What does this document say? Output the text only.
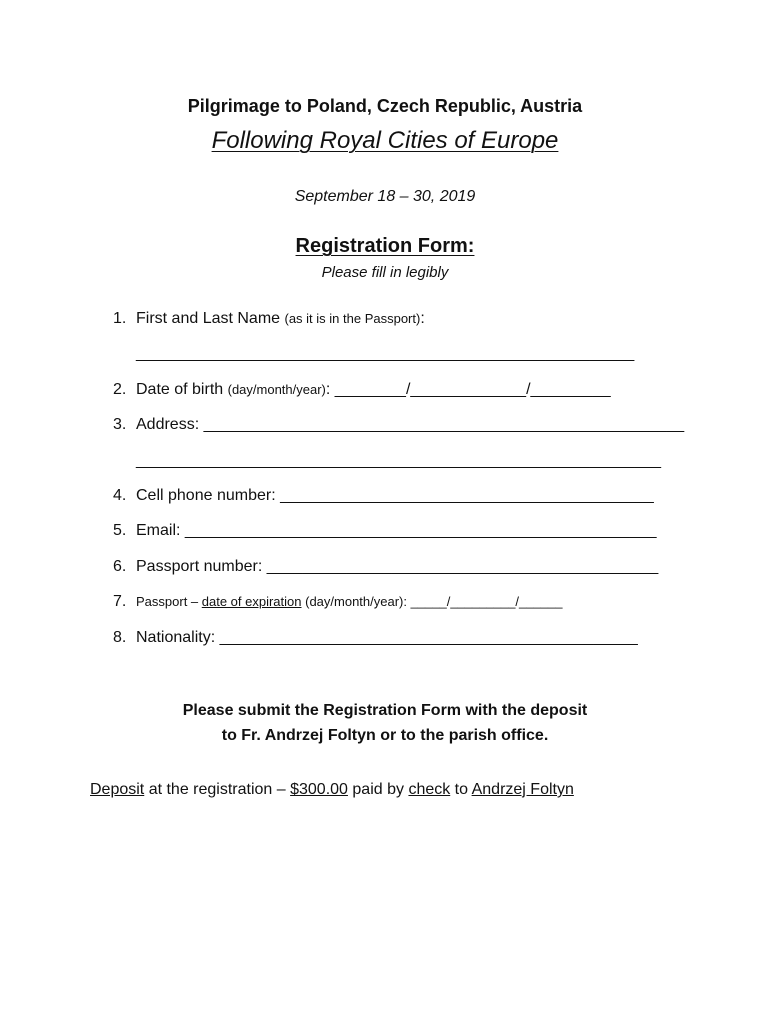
Pilgrimage to Poland, Czech Republic, Austria
Following Royal Cities of Europe
September 18 – 30, 2019
Registration Form:
Please fill in legibly
1. First and Last Name (as it is in the Passport):
________________________________________________________
2. Date of birth (day/month/year): ________/_____________/_________
3. Address: ______________________________________________________
___________________________________________________________
4. Cell phone number: __________________________________________
5. Email: _____________________________________________________
6. Passport number: ____________________________________________
7. Passport – date of expiration (day/month/year): _____/_________/______
8. Nationality: _______________________________________________
Please submit the Registration Form with the deposit
to Fr. Andrzej Foltyn or to the parish office.
Deposit at the registration – $300.00 paid by check to Andrzej Foltyn
